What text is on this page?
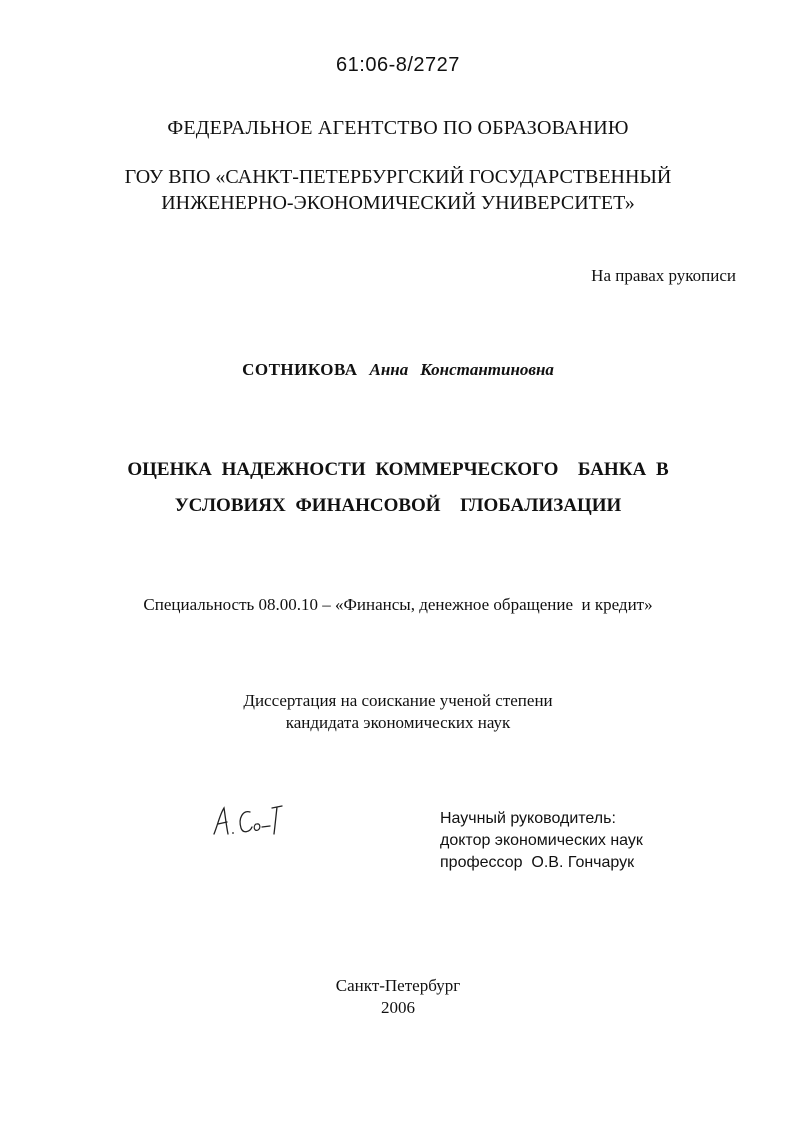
61:06-8/2727
ФЕДЕРАЛЬНОЕ АГЕНТСТВО ПО ОБРАЗОВАНИЮ
ГОУ ВПО «САНКТ-ПЕТЕРБУРГСКИЙ ГОСУДАРСТВЕННЫЙ
ИНЖЕНЕРНО-ЭКОНОМИЧЕСКИЙ УНИВЕРСИТЕТ»
На правах рукописи
СОТНИКОВА Анна Константиновна
ОЦЕНКА НАДЕЖНОСТИ КОММЕРЧЕСКОГО  БАНКА В
УСЛОВИЯХ ФИНАНСОВОЙ  ГЛОБАЛИЗАЦИИ
Специальность 08.00.10 – «Финансы, денежное обращение  и кредит»
Диссертация на соискание ученой степени
кандидата экономических наук
Научный руководитель:
доктор экономических наук
профессор  О.В. Гончарук
Санкт-Петербург
2006
